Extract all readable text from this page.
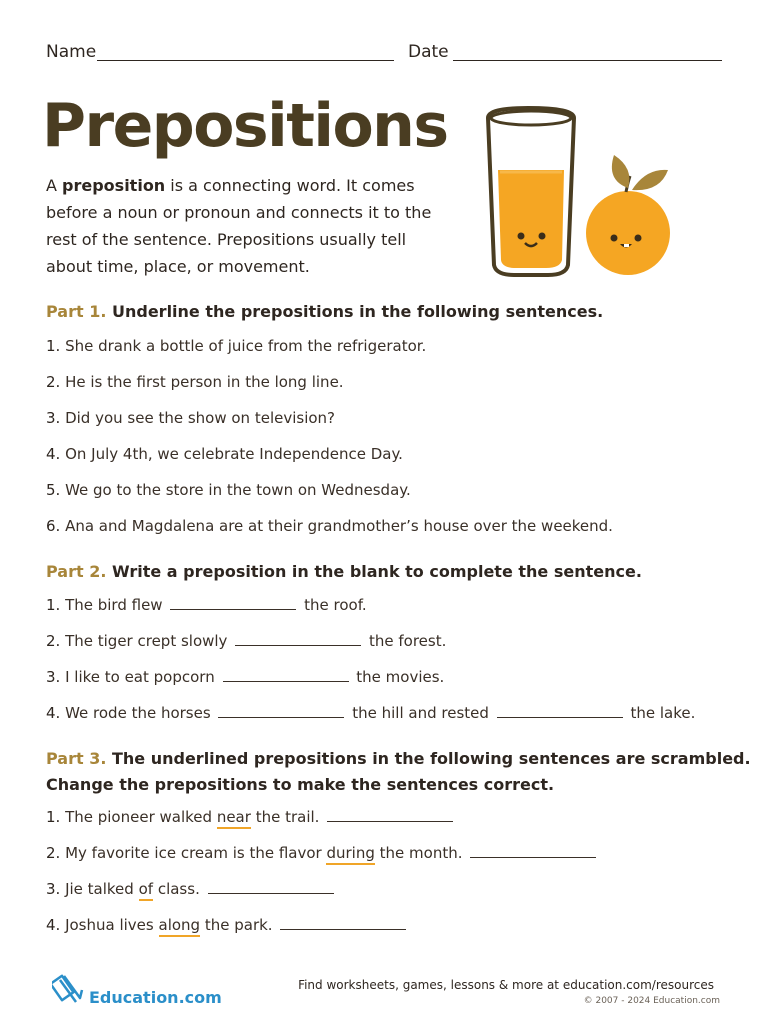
Name	Date
Prepositions
A preposition is a connecting word. It comes before a noun or pronoun and connects it to the rest of the sentence. Prepositions usually tell about time, place, or movement.
Part 1. Underline the prepositions in the following sentences.
1. She drank a bottle of juice from the refrigerator.
2. He is the first person in the long line.
3. Did you see the show on television?
4. On July 4th, we celebrate Independence Day.
5. We go to the store in the town on Wednesday.
6. Ana and Magdalena are at their grandmother’s house over the weekend.
Part 2. Write a preposition in the blank to complete the sentence.
1. The bird flew	the roof.
2. The tiger crept slowly	the forest.
3. I like to eat popcorn	the movies.
4. We rode the horses	the hill and rested	the lake.
Part 3. The underlined prepositions in the following sentences are scrambled.
Change the prepositions to make the sentences correct.
1. The pioneer walked near the trail.
2. My favorite ice cream is the flavor during the month.
3. Jie talked of class.
4. Joshua lives along the park.
Education.com
Find worksheets, games, lessons & more at education.com/resources
© 2007 - 2024 Education.com
